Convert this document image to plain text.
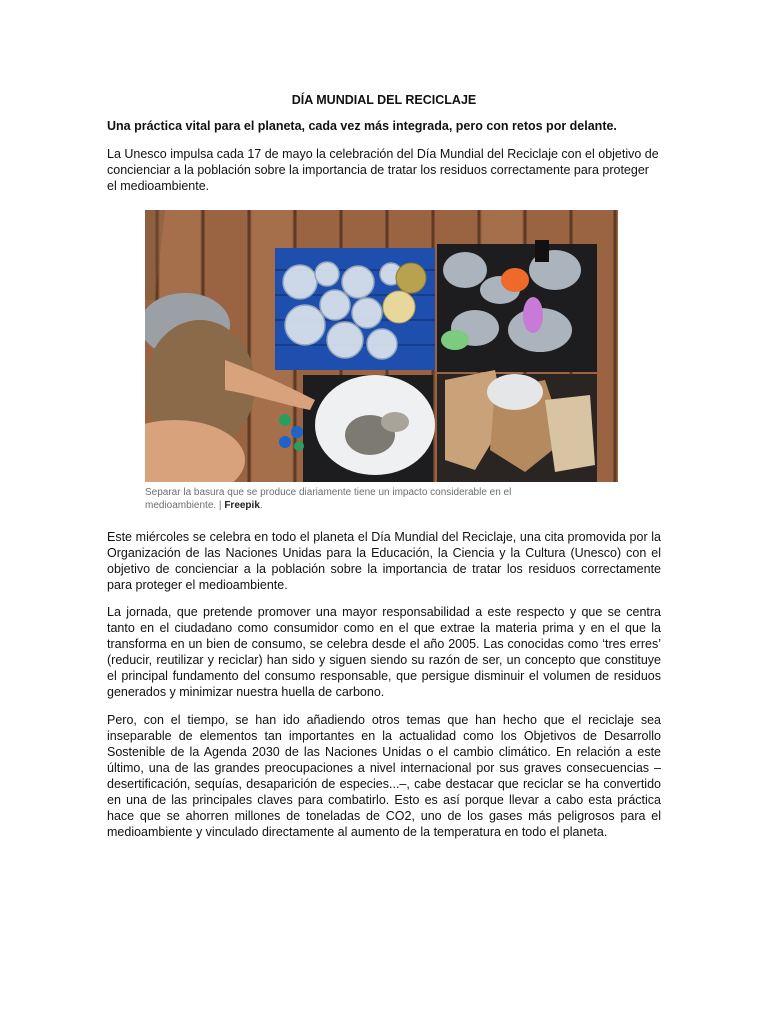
DÍA MUNDIAL DEL RECICLAJE
Una práctica vital para el planeta, cada vez más integrada, pero con retos por delante.

La Unesco impulsa cada 17 de mayo la celebración del Día Mundial del Reciclaje con el objetivo de concienciar a la población sobre la importancia de tratar los residuos correctamente para proteger el medioambiente.

Separar la basura que se produce diariamente tiene un impacto considerable en el medioambiente. | Freepik.

Este miércoles se celebra en todo el planeta el Día Mundial del Reciclaje, una cita promovida por la Organización de las Naciones Unidas para la Educación, la Ciencia y la Cultura (Unesco) con el objetivo de concienciar a la población sobre la importancia de tratar los residuos correctamente para proteger el medioambiente.

La jornada, que pretende promover una mayor responsabilidad a este respecto y que se centra tanto en el ciudadano como consumidor como en el que extrae la materia prima y en el que la transforma en un bien de consumo, se celebra desde el año 2005. Las conocidas como ‘tres erres’ (reducir, reutilizar y reciclar) han sido y siguen siendo su razón de ser, un concepto que constituye el principal fundamento del consumo responsable, que persigue disminuir el volumen de residuos generados y minimizar nuestra huella de carbono.

Pero, con el tiempo, se han ido añadiendo otros temas que han hecho que el reciclaje sea inseparable de elementos tan importantes en la actualidad como los Objetivos de Desarrollo Sostenible de la Agenda 2030 de las Naciones Unidas o el cambio climático. En relación a este último, una de las grandes preocupaciones a nivel internacional por sus graves consecuencias –desertificación, sequías, desaparición de especies...–, cabe destacar que reciclar se ha convertido en una de las principales claves para combatirlo. Esto es así porque llevar a cabo esta práctica hace que se ahorren millones de toneladas de CO2, uno de los gases más peligrosos para el medioambiente y vinculado directamente al aumento de la temperatura en todo el planeta.
